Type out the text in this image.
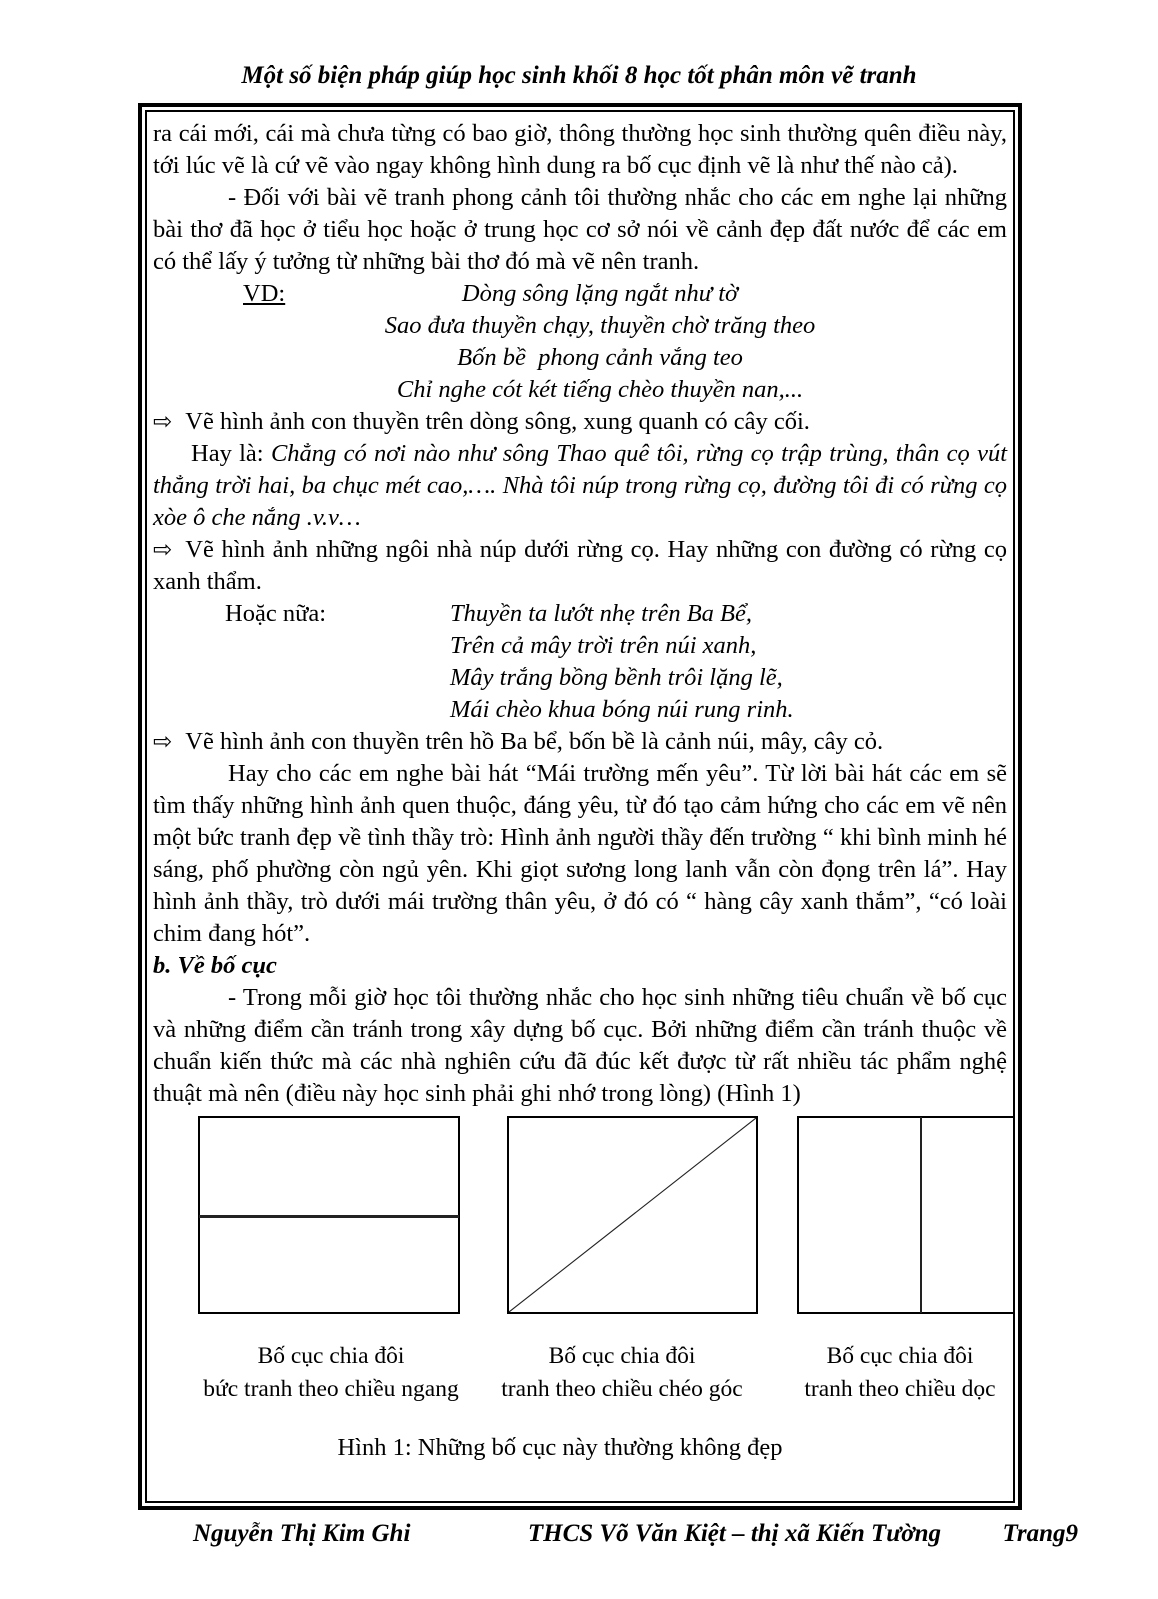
Một số biện pháp giúp học sinh khối 8 học tốt phân môn vẽ tranh

ra cái mới, cái mà chưa từng có bao giờ, thông thường học sinh thường quên điều này, tới lúc vẽ là cứ vẽ vào ngay không hình dung ra bố cục định vẽ là như thế nào cả).

- Đối với bài vẽ tranh phong cảnh tôi thường nhắc cho các em nghe lại những bài thơ đã học ở tiểu học hoặc ở trung học cơ sở nói về cảnh đẹp đất nước để các em có thể lấy ý tưởng từ những bài thơ đó mà vẽ nên tranh.

VD:	Dòng sông lặng ngắt như tờ
Sao đưa thuyền chạy, thuyền chờ trăng theo
Bốn bề  phong cảnh vắng teo
Chỉ nghe cót két tiếng chèo thuyền nan,...

⇨ Vẽ hình ảnh con thuyền trên dòng sông, xung quanh có cây cối.

Hay là: Chẳng có nơi nào như sông Thao quê tôi, rừng cọ trập trùng, thân cọ vút thẳng trời hai, ba chục mét cao,…. Nhà tôi núp trong rừng cọ, đường tôi đi có rừng cọ xòe ô che nắng .v.v…

⇨ Vẽ hình ảnh những ngôi nhà núp dưới rừng cọ. Hay những con đường có rừng cọ xanh thẩm.

Hoặc nữa:	Thuyền ta lướt nhẹ trên Ba Bể,
Trên cả mây trời trên núi xanh,
Mây trắng bồng bềnh trôi lặng lẽ,
Mái chèo khua bóng núi rung rinh.

⇨ Vẽ hình ảnh con thuyền trên hồ Ba bể, bốn bề là cảnh núi, mây, cây cỏ.

Hay cho các em nghe bài hát “Mái trường mến yêu”. Từ lời bài hát các em sẽ tìm thấy những hình ảnh quen thuộc, đáng yêu, từ đó tạo cảm hứng cho các em vẽ nên một bức tranh đẹp về tình thầy trò: Hình ảnh người thầy đến trường “ khi bình minh hé sáng, phố phường còn ngủ yên. Khi giọt sương long lanh vẫn còn đọng trên lá”. Hay hình ảnh thầy, trò dưới mái trường thân yêu, ở đó có “ hàng cây xanh thắm”, “có loài chim đang hót”.

b. Về bố cục

- Trong mỗi giờ học tôi thường nhắc cho học sinh những tiêu chuẩn về bố cục và những điểm cần tránh trong xây dựng bố cục. Bởi những điểm cần tránh thuộc về chuẩn kiến thức mà các nhà nghiên cứu đã đúc kết được từ rất nhiều tác phẩm nghệ thuật mà nên (điều này học sinh phải ghi nhớ trong lòng) (Hình 1)

Bố cục chia đôi
bức tranh theo chiều ngang
Bố cục chia đôi
tranh theo chiều chéo góc
Bố cục chia đôi
tranh theo chiều dọc
Hình 1: Những bố cục này thường không đẹp
Nguyễn Thị Kim Ghi	THCS Võ Văn Kiệt – thị xã Kiến Tường Trang9
